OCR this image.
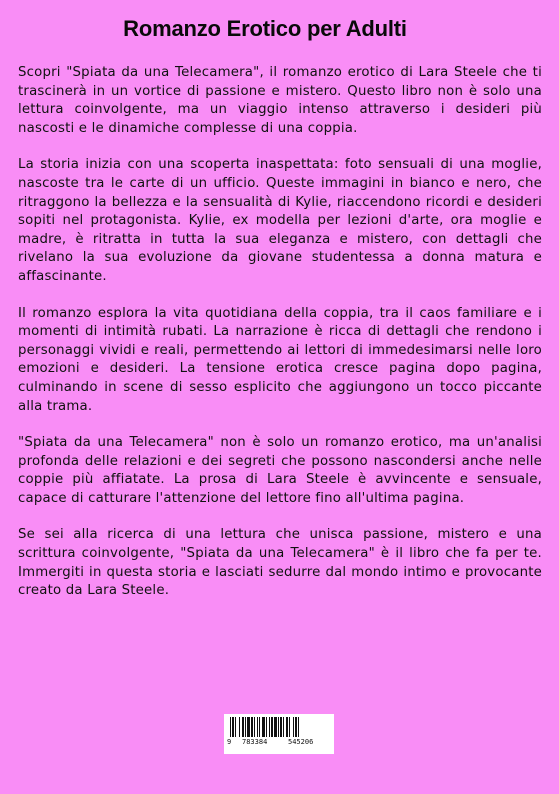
Romanzo Erotico per Adulti

Scopri "Spiata da una Telecamera", il romanzo erotico di Lara Steele che ti trascinerà in un vortice di passione e mistero. Questo libro non è solo una lettura coinvolgente, ma un viaggio intenso attraverso i desideri più nascosti e le dinamiche complesse di una coppia.

La storia inizia con una scoperta inaspettata: foto sensuali di una moglie, nascoste tra le carte di un ufficio. Queste immagini in bianco e nero, che ritraggono la bellezza e la sensualità di Kylie, riaccendono ricordi e desideri sopiti nel protagonista. Kylie, ex modella per lezioni d'arte, ora moglie e madre, è ritratta in tutta la sua eleganza e mistero, con dettagli che rivelano la sua evoluzione da giovane studentessa a donna matura e affascinante.

Il romanzo esplora la vita quotidiana della coppia, tra il caos familiare e i momenti di intimità rubati. La narrazione è ricca di dettagli che rendono i personaggi vividi e reali, permettendo ai lettori di immedesimarsi nelle loro emozioni e desideri. La tensione erotica cresce pagina dopo pagina, culminando in scene di sesso esplicito che aggiungono un tocco piccante alla trama.

"Spiata da una Telecamera" non è solo un romanzo erotico, ma un'analisi profonda delle relazioni e dei segreti che possono nascondersi anche nelle coppie più affiatate. La prosa di Lara Steele è avvincente e sensuale, capace di catturare l'attenzione del lettore fino all'ultima pagina.

Se sei alla ricerca di una lettura che unisca passione, mistero e una scrittura coinvolgente, "Spiata da una Telecamera" è il libro che fa per te. Immergiti in questa storia e lasciati sedurre dal mondo intimo e provocante creato da Lara Steele.

9 783384	545206
